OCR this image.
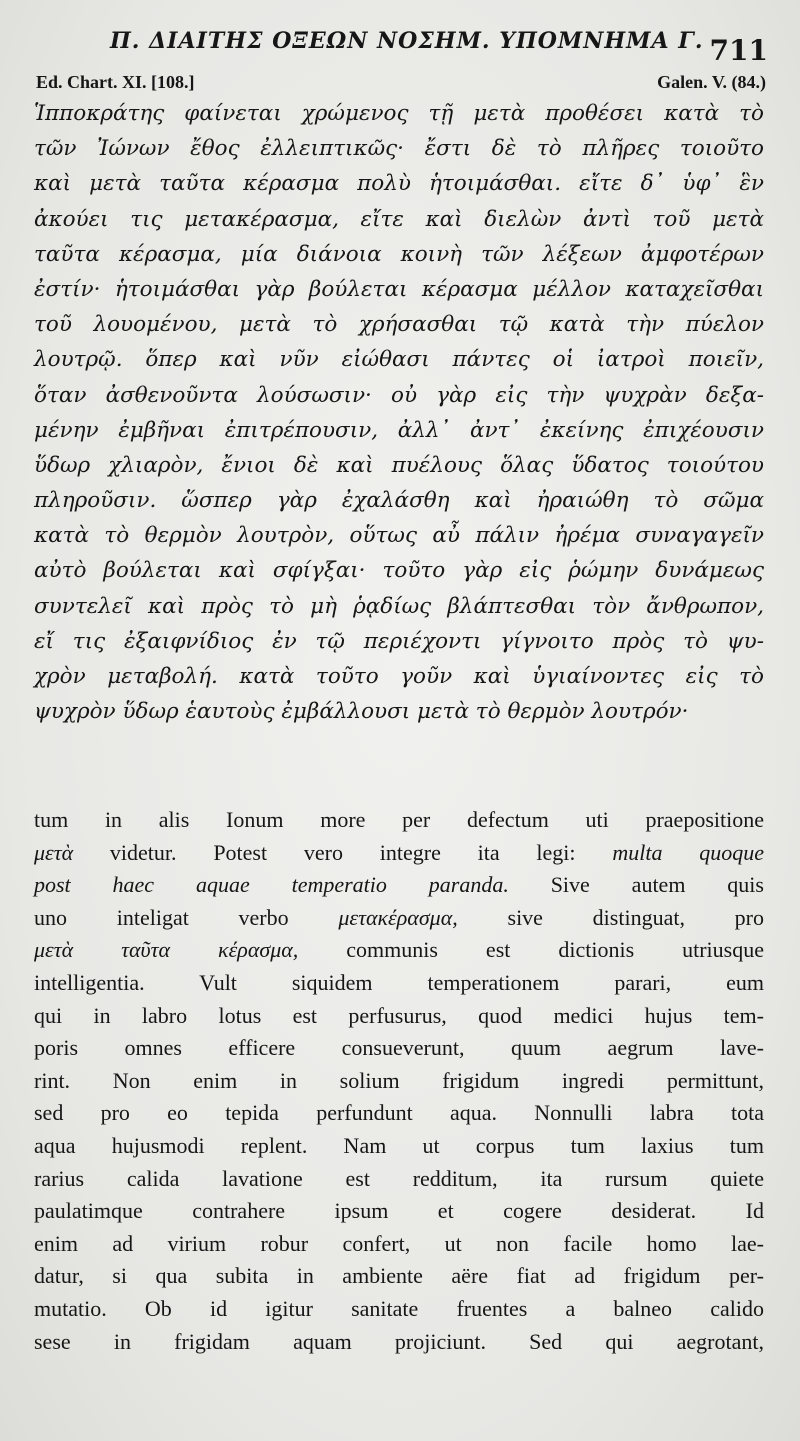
Π. ΔΙΑΙΤΗΣ ΟΞΕΩΝ ΝΟΣΗΜ. ΥΠΟΜΝΗΜΑ Γ. 711
Ed. Chart. XI. [108.]	Galen. V. (84.)
Ἱπποκράτης φαίνεται χρώμενος τῇ μετὰ προθέσει κατὰ τὸ
τῶν Ἰώνων ἔθος ἐλλειπτικῶς· ἔστι δὲ τὸ πλῆρες τοιοῦτο
καὶ μετὰ ταῦτα κέρασμα πολὺ ἡτοιμάσθαι. εἴτε δ᾽ ὑφ᾽ ἓν
ἀκούει τις μετακέρασμα, εἴτε καὶ διελὼν ἀντὶ τοῦ μετὰ
ταῦτα κέρασμα, μία διάνοια κοινὴ τῶν λέξεων ἀμφοτέρων
ἐστίν· ἡτοιμάσθαι γὰρ βούλεται κέρασμα μέλλον καταχεῖσθαι
τοῦ λουομένου, μετὰ τὸ χρήσασθαι τῷ κατὰ τὴν πύελον
λουτρῷ. ὅπερ καὶ νῦν εἰώθασι πάντες οἱ ἰατροὶ ποιεῖν,
ὅταν ἀσθενοῦντα λούσωσιν· οὐ γὰρ εἰς τὴν ψυχρὰν δεξα-
μένην ἐμβῆναι ἐπιτρέπουσιν, ἀλλ᾽ ἀντ᾽ ἐκείνης ἐπιχέουσιν
ὕδωρ χλιαρὸν, ἔνιοι δὲ καὶ πυέλους ὅλας ὕδατος τοιούτου
πληροῦσιν. ὥσπερ γὰρ ἐχαλάσθη καὶ ἠραιώθη τὸ σῶμα
κατὰ τὸ θερμὸν λουτρὸν, οὕτως αὖ πάλιν ἠρέμα συναγαγεῖν
αὐτὸ βούλεται καὶ σφίγξαι· τοῦτο γὰρ εἰς ῥώμην δυνάμεως
συντελεῖ καὶ πρὸς τὸ μὴ ῥᾳδίως βλάπτεσθαι τὸν ἄνθρωπον,
εἴ τις ἐξαιφνίδιος ἐν τῷ περιέχοντι γίγνοιτο πρὸς τὸ ψυ-
χρὸν μεταβολή. κατὰ τοῦτο γοῦν καὶ ὑγιαίνοντες εἰς τὸ
ψυχρὸν ὕδωρ ἑαυτοὺς ἐμβάλλουσι μετὰ τὸ θερμὸν λουτρόν·
tum in alis Ionum more per defectum uti praepositione
μετὰ videtur. Potest vero integre ita legi: multa quoque
post haec aquae temperatio paranda. Sive autem quis
uno inteligat verbo μετακέρασμα, sive distinguat, pro
μετὰ ταῦτα κέρασμα, communis est dictionis utriusque
intelligentia. Vult siquidem temperationem parari, eum
qui in labro lotus est perfusurus, quod medici hujus tem-
poris omnes efficere consueverunt, quum aegrum lave-
rint. Non enim in solium frigidum ingredi permittunt,
sed pro eo tepida perfundunt aqua. Nonnulli labra tota
aqua hujusmodi replent. Nam ut corpus tum laxius tum
rarius calida lavatione est redditum, ita rursum quiete
paulatimque contrahere ipsum et cogere desiderat. Id
enim ad virium robur confert, ut non facile homo lae-
datur, si qua subita in ambiente aëre fiat ad frigidum per-
mutatio. Ob id igitur sanitate fruentes a balneo calido
sese in frigidam aquam projiciunt. Sed qui aegrotant,
